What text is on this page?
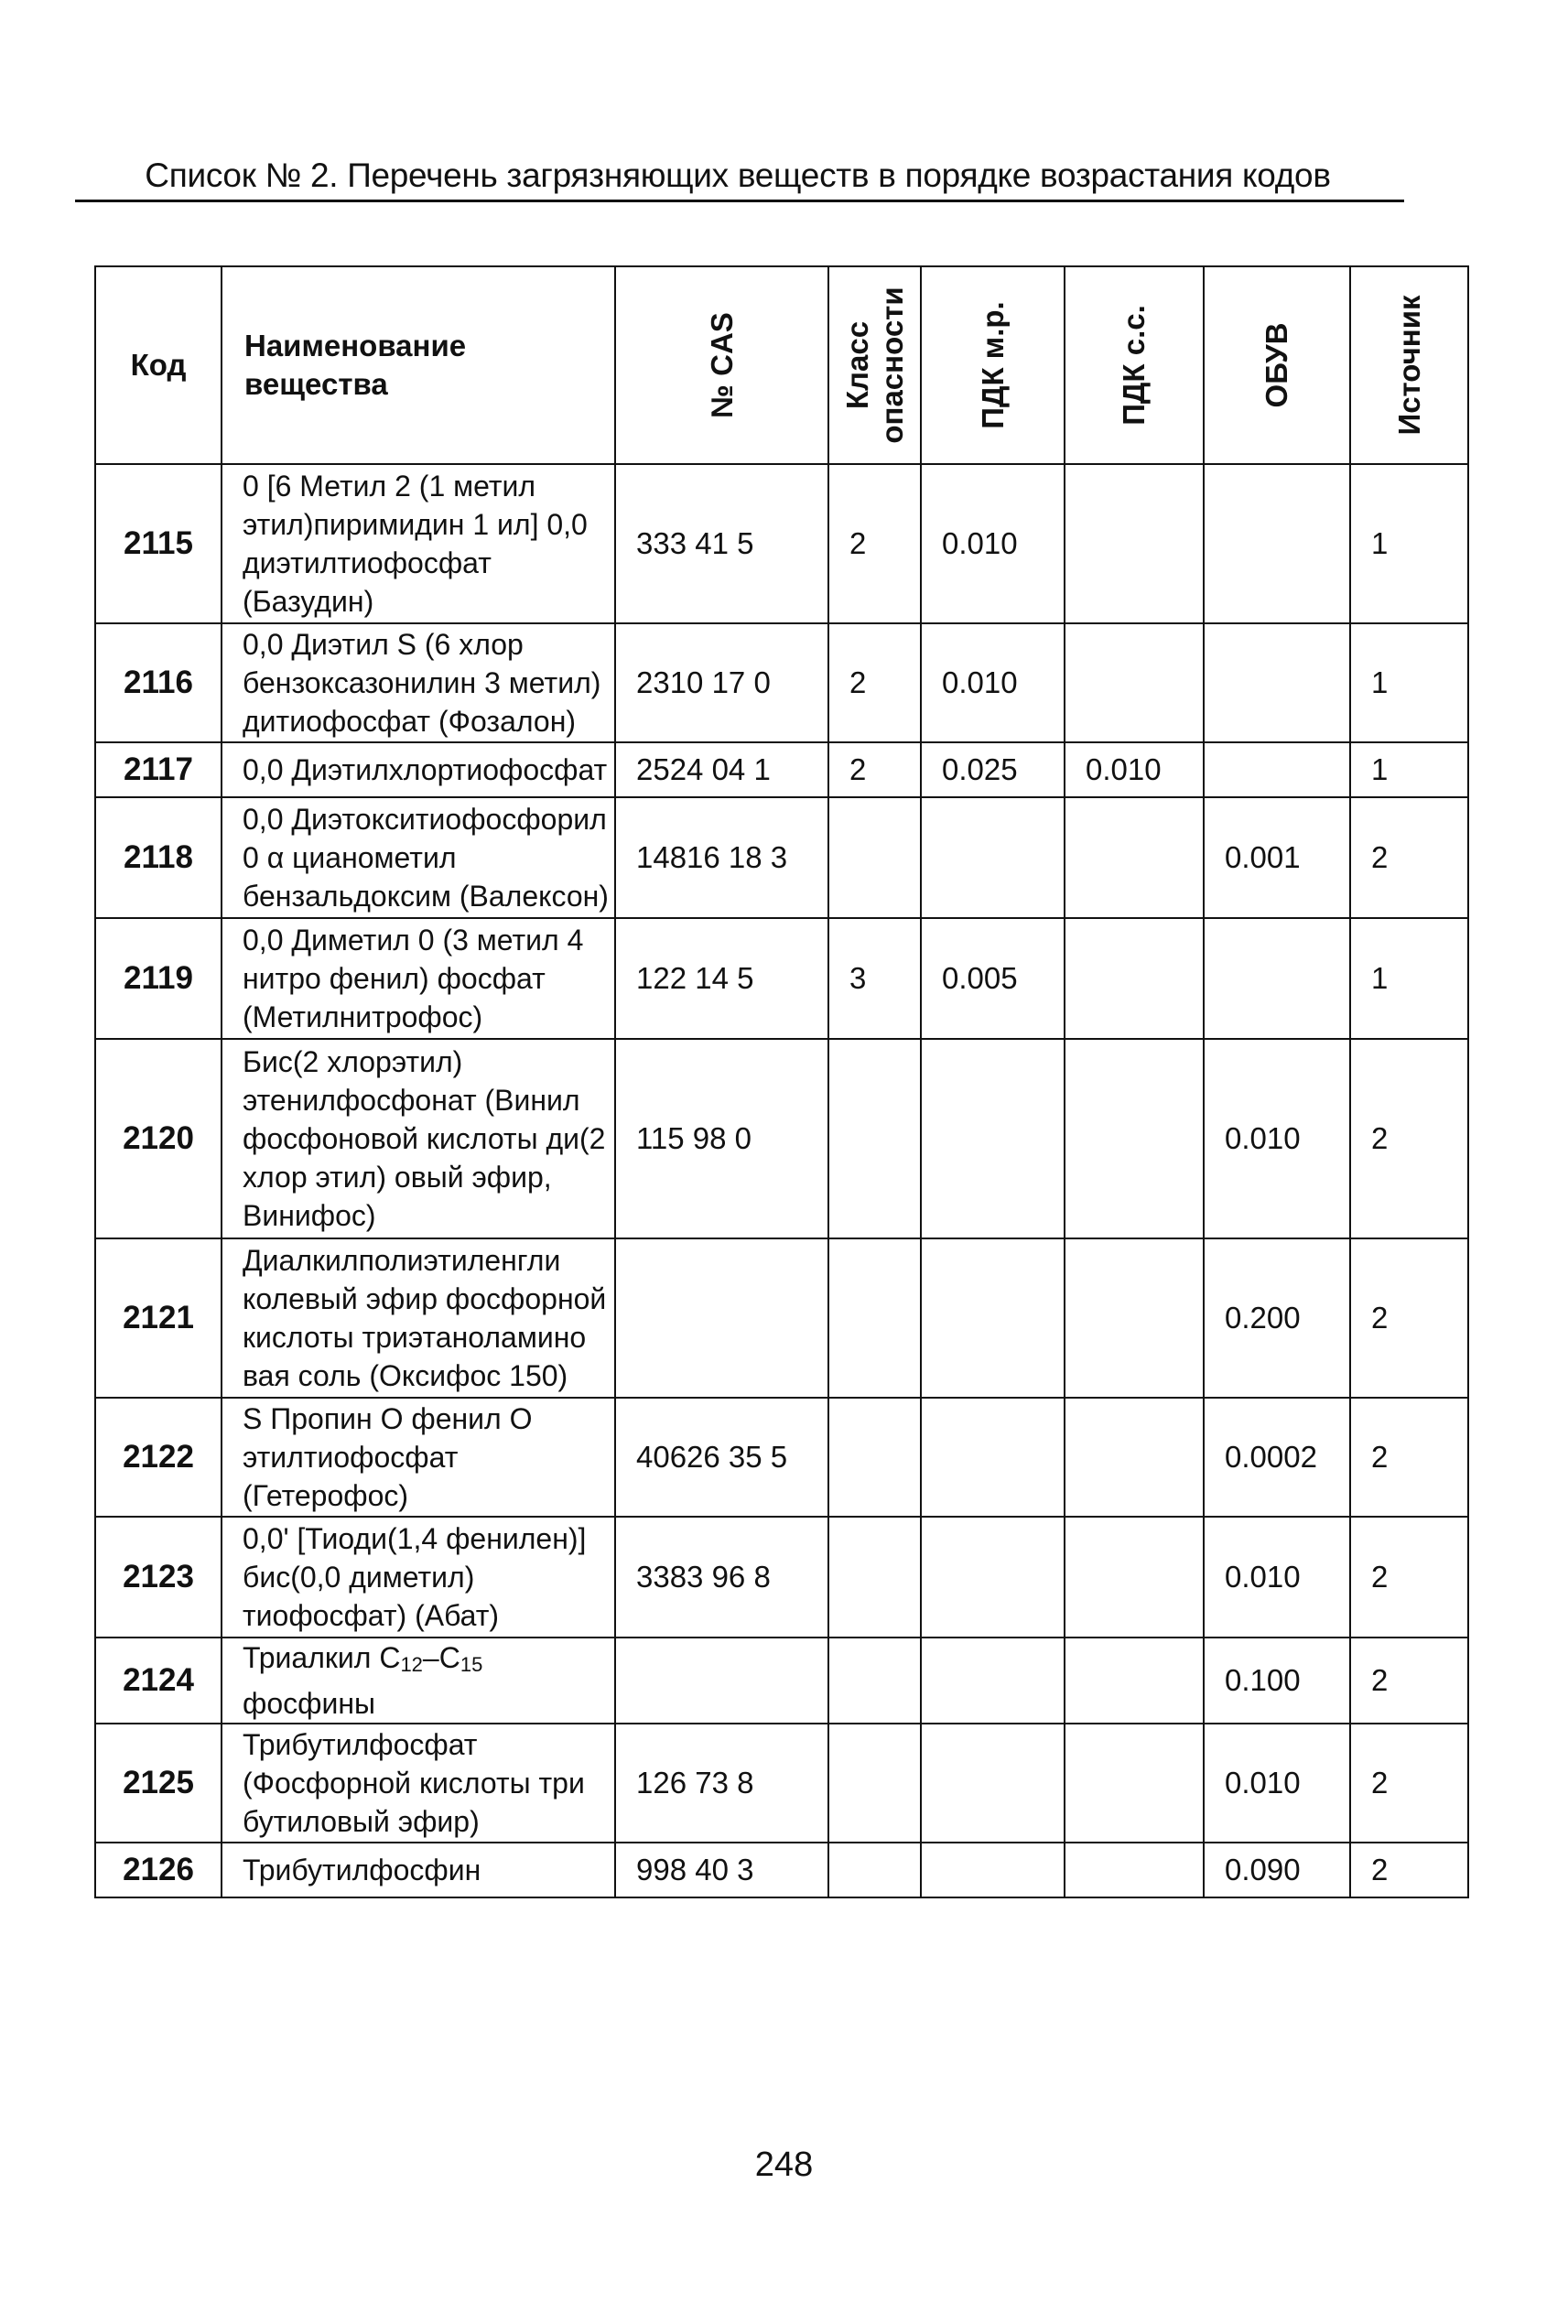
Список № 2. Перечень загрязняющих веществ в порядке возрастания кодов
Код	Наименование вещества	№ CAS	Класс опасности	ПДК м.р.	ПДК с.с.	ОБУВ	Источник

2115	0 [6 Метил 2 (1 метил этил)пиримидин 1 ил] 0,0 диэтилтиофосфат (Базудин)	333 41 5	2	0.010			1
2116	0,0 Диэтил S (6 хлор бензоксазонилин 3 метил) дитиофосфат (Фозалон)	2310 17 0	2	0.010			1
2117	0,0 Диэтилхлортиофосфат	2524 04 1	2	0.025	0.010		1
2118	0,0 Диэтокситиофосфорил 0 α цианометил бензальдоксим (Валексон)	14816 18 3				0.001	2
2119	0,0 Диметил 0 (3 метил 4 нитро фенил) фосфат (Метилнитрофос)	122 14 5	3	0.005			1
2120	Бис(2 хлорэтил) этенилфосфонат (Винил фосфоновой кислоты ди(2 хлор этил) овый эфир, Винифос)	115 98 0				0.010	2
2121	Диалкилполиэтиленгли колевый эфир фосфорной кислоты триэтаноламино вая соль (Оксифос 150)					0.200	2
2122	S Пропин O фенил O этилтиофосфат (Гетерофос)	40626 35 5				0.0002	2
2123	0,0' [Тиоди(1,4 фенилен)] бис(0,0 диметил) тиофосфат) (Абат)	3383 96 8				0.010	2
2124	Триалкил $C_{12}-C_{15}$ фосфины					0.100	2
2125	Трибутилфосфат (Фосфорной кислоты три бутиловый эфир)	126 73 8				0.010	2
2126	Трибутилфосфин	998 40 3				0.090	2
248
